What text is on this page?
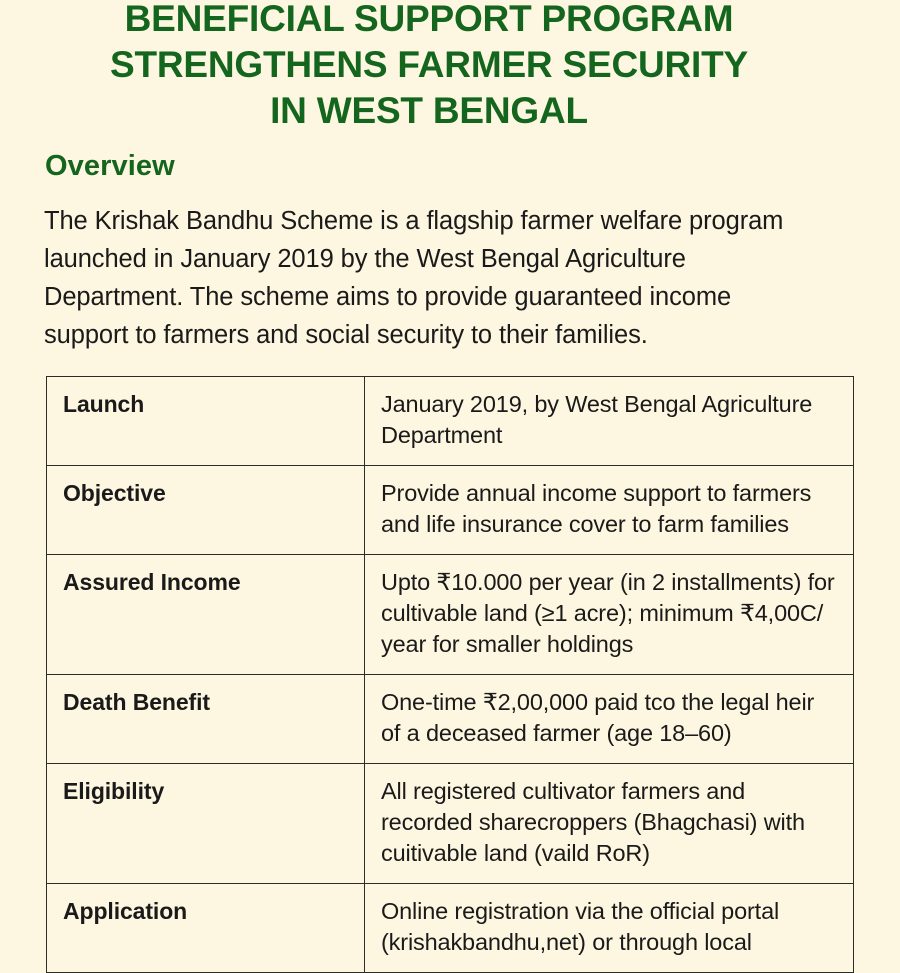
BENEFICIAL SUPPORT PROGRAM
STRENGTHENS FARMER SECURITY
IN WEST BENGAL
Overview
The Krishak Bandhu Scheme is a flagship farmer welfare program
launched in January 2019 by the West Bengal Agriculture
Department. The scheme aims to provide guaranteed income
support to farmers and social security to their families.
Launch	January 2019, by West Bengal Agriculture
Department

Objective	Provide annual income support to farmers
and life insurance cover to farm families

Assured Income	Upto ₹10.000 per year (in 2 installments) for
cultivable land (≥1 acre); minimum ₹4,00C/
year for smaller holdings

Death Benefit	One-time ₹2,00,000 paid tco the legal heir
of a deceased farmer (age 18–60)

Eligibility	All registered cultivator farmers and
recorded sharecroppers (Bhagchasi) with
cuitivable land (vaild RoR)

Application	Online registration via the official portal
(krishakbandhu,net) or through local
